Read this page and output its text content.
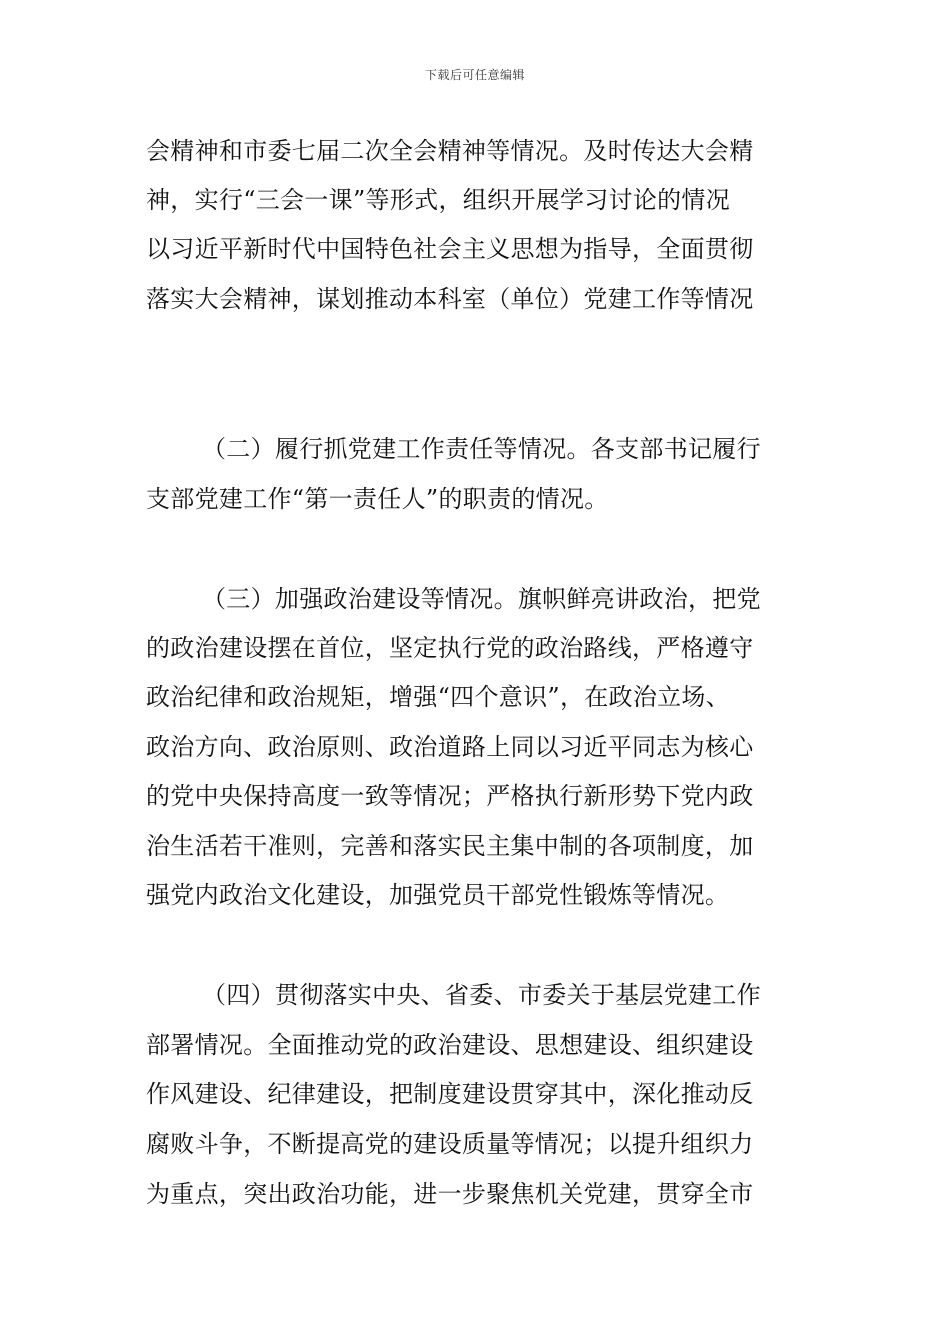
下载后可任意编辑
会精神和市委七届二次全会精神等情况。及时传达大会精
神，实行“三会一课”等形式，组织开展学习讨论的情况
以习近平新时代中国特色社会主义思想为指导，全面贯彻
落实大会精神，谋划推动本科室（单位）党建工作等情况
（二）履行抓党建工作责任等情况。各支部书记履行
支部党建工作“第一责任人”的职责的情况。
（三）加强政治建设等情况。旗帜鲜亮讲政治，把党
的政治建设摆在首位，坚定执行党的政治路线，严格遵守
政治纪律和政治规矩，增强“四个意识”，在政治立场、
政治方向、政治原则、政治道路上同以习近平同志为核心
的党中央保持高度一致等情况；严格执行新形势下党内政
治生活若干准则，完善和落实民主集中制的各项制度，加
强党内政治文化建设，加强党员干部党性锻炼等情况。
（四）贯彻落实中央、省委、市委关于基层党建工作
部署情况。全面推动党的政治建设、思想建设、组织建设
作风建设、纪律建设，把制度建设贯穿其中，深化推动反
腐败斗争，不断提高党的建设质量等情况；以提升组织力
为重点，突出政治功能，进一步聚焦机关党建，贯穿全市
